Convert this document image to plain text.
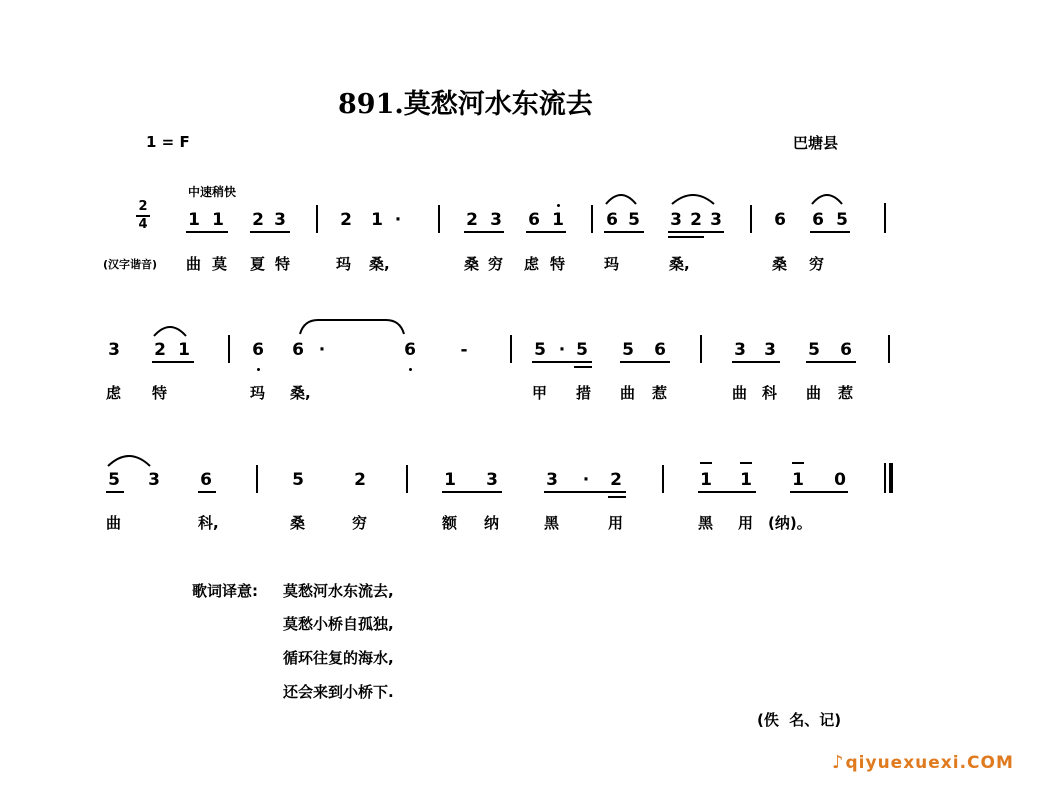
891.莫愁河水东流去
1 = F	巴塘县
中速稍快
2
4 1 1 2 3	2 1 ·	2 3 6 1 6 5 3 2 3	6 6 5
(汉字谐音) 曲 莫 夏 特	玛 桑,	桑 穷 虑 特	玛	桑,	桑 穷
3 2 1	6 6 ·	6	-	5 · 5 5 6	3 3 5 6
虑 特	玛 桑,	甲 措 曲 惹	曲 科 曲 惹
5 3 6	5	2	1 3	3 · 2	1 1 1 0
曲	科,	桑	穷	额 纳	黑	用	黑 用 (纳)。
歌词译意: 莫愁河水东流去,
莫愁小桥自孤独,
循环往复的海水,
还会来到小桥下.
(佚  名、记)
♪ qiyuexuexi.COM
